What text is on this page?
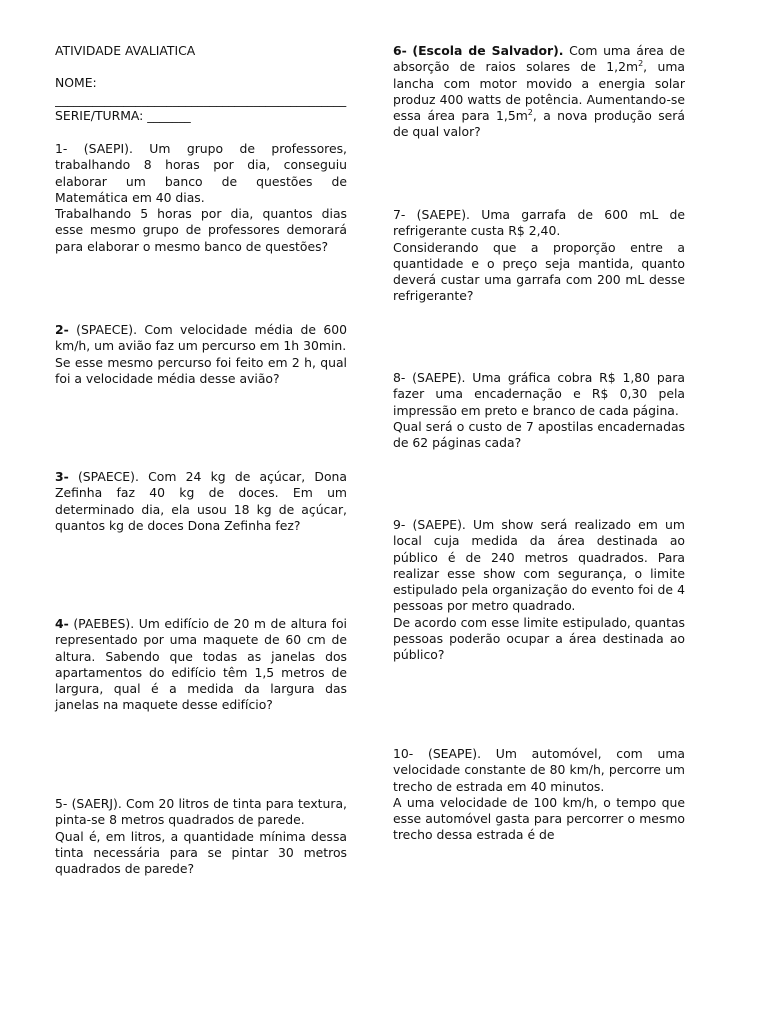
ATIVIDADE AVALIATICA

NOME:

_______________________________________________

SERIE/TURMA: _______

1- (SAEPI). Um grupo de professores, trabalhando 8 horas por dia, conseguiu elaborar um banco de questões de Matemática em 40 dias.

Trabalhando 5 horas por dia, quantos dias esse mesmo grupo de professores demorará para elaborar o mesmo banco de questões?

2- (SPAECE). Com velocidade média de 600 km/h, um avião faz um percurso em 1h 30min.

Se esse mesmo percurso foi feito em 2 h, qual foi a velocidade média desse avião?

3- (SPAECE). Com 24 kg de açúcar, Dona Zefinha faz 40 kg de doces. Em um determinado dia, ela usou 18 kg de açúcar, quantos kg de doces Dona Zefinha fez?

4- (PAEBES). Um edifício de 20 m de altura foi representado por uma maquete de 60 cm de altura. Sabendo que todas as janelas dos apartamentos do edifício têm 1,5 metros de largura, qual é a medida da largura das janelas na maquete desse edifício?

5- (SAERJ). Com 20 litros de tinta para textura, pinta-se 8 metros quadrados de parede.

Qual é, em litros, a quantidade mínima dessa tinta necessária para se pintar 30 metros quadrados de parede?

6- (Escola de Salvador). Com uma área de absorção de raios solares de $1,2m^2$, uma lancha com motor movido a energia solar produz 400 watts de potência. Aumentando-se essa área para $1,5m^2$, a nova produção será de qual valor?

7- (SAEPE). Uma garrafa de 600 mL de refrigerante custa R$ 2,40.

Considerando que a proporção entre a quantidade e o preço seja mantida, quanto deverá custar uma garrafa com 200 mL desse refrigerante?

8- (SAEPE). Uma gráfica cobra R$ 1,80 para fazer uma encadernação e R$ 0,30 pela impressão em preto e branco de cada página.

Qual será o custo de 7 apostilas encadernadas de 62 páginas cada?

9- (SAEPE). Um show será realizado em um local cuja medida da área destinada ao público é de 240 metros quadrados. Para realizar esse show com segurança, o limite estipulado pela organização do evento foi de 4 pessoas por metro quadrado.

De acordo com esse limite estipulado, quantas pessoas poderão ocupar a área destinada ao público?

10- (SEAPE). Um automóvel, com uma velocidade constante de 80 km/h, percorre um trecho de estrada em 40 minutos.

A uma velocidade de 100 km/h, o tempo que esse automóvel gasta para percorrer o mesmo trecho dessa estrada é de
